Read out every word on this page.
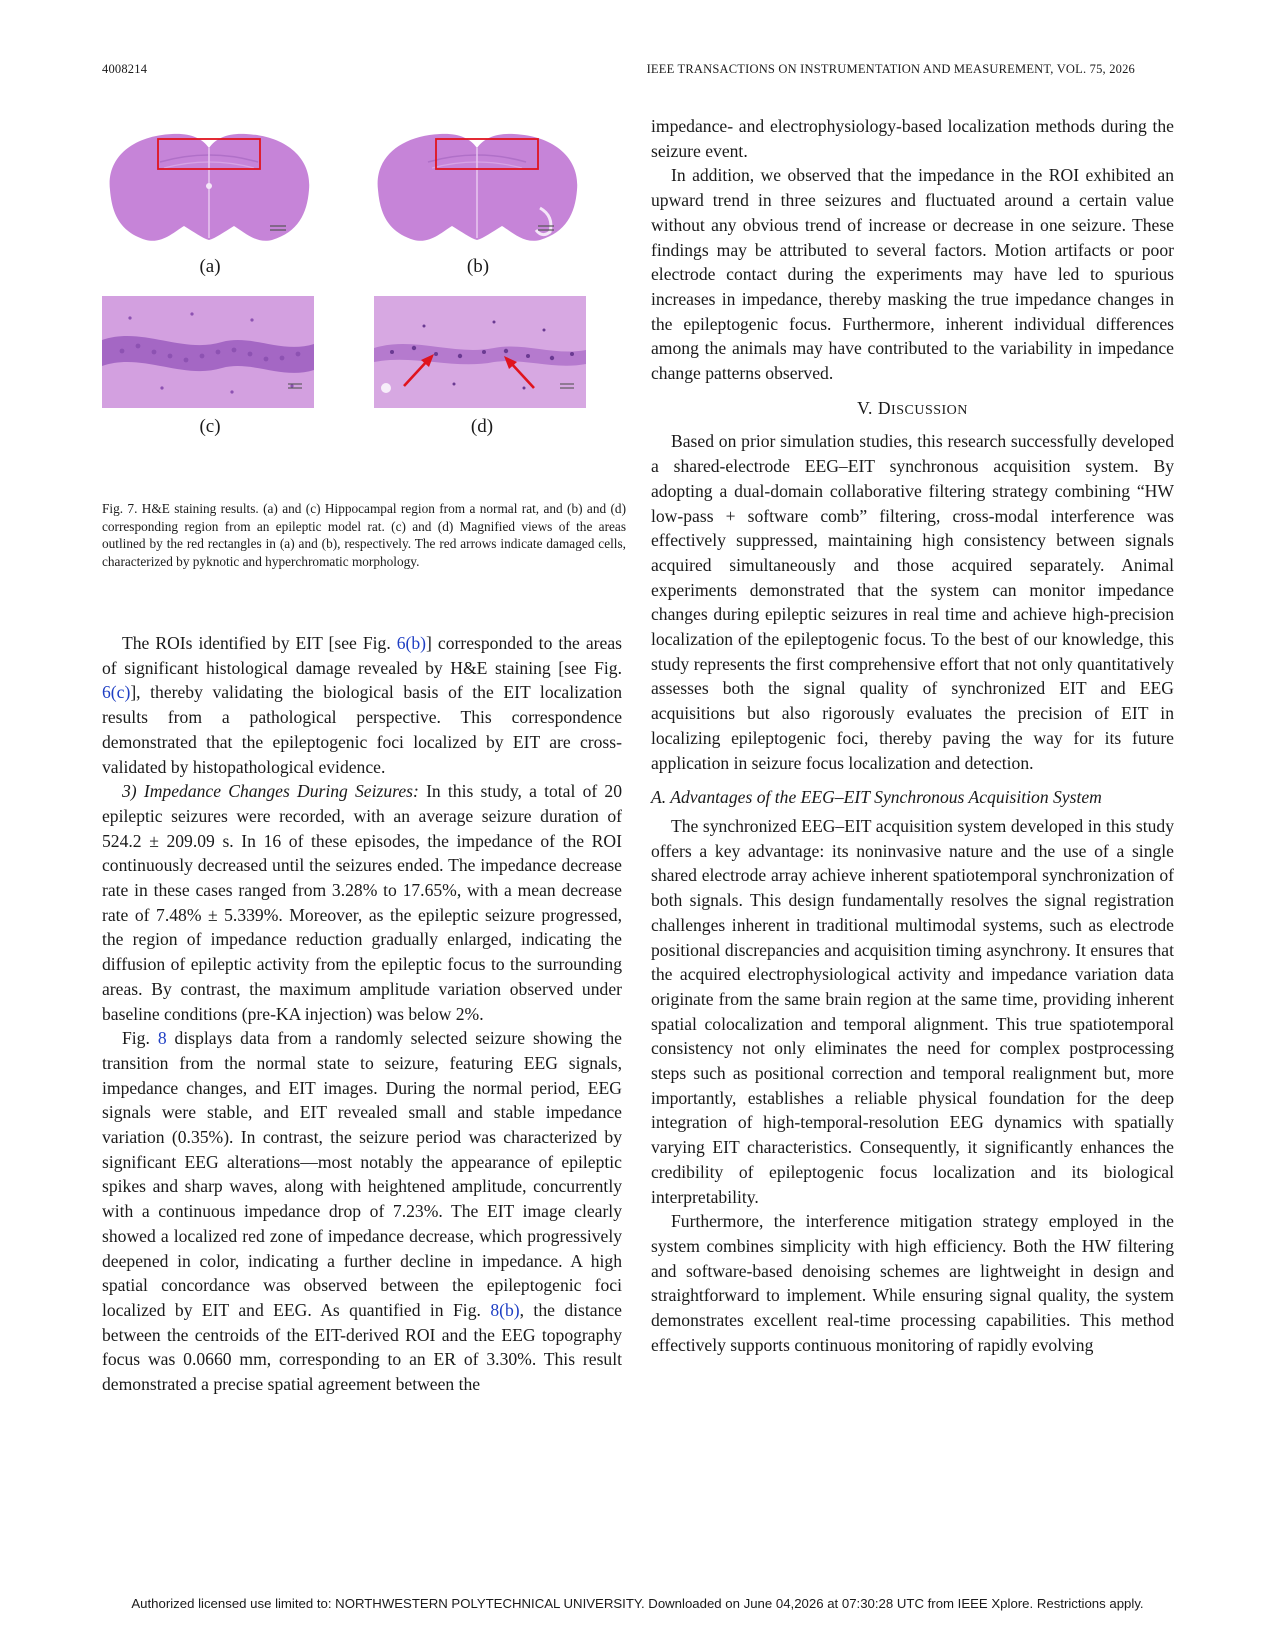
4008214	IEEE TRANSACTIONS ON INSTRUMENTATION AND MEASUREMENT, VOL. 75, 2026
(a)	(b)
(c)	(d)
Fig. 7. H&E staining results. (a) and (c) Hippocampal region from a normal rat, and (b) and (d) corresponding region from an epileptic model rat. (c) and (d) Magnified views of the areas outlined by the red rectangles in (a) and (b), respectively. The red arrows indicate damaged cells, characterized by pyknotic and hyperchromatic morphology.

The ROIs identified by EIT [see Fig. 6(b)] corresponded to the areas of significant histological damage revealed by H&E staining [see Fig. 6(c)], thereby validating the biological basis of the EIT localization results from a pathological perspective. This correspondence demonstrated that the epileptogenic foci localized by EIT are cross-validated by histopathological evidence.

3) Impedance Changes During Seizures: In this study, a total of 20 epileptic seizures were recorded, with an average seizure duration of 524.2 ± 209.09 s. In 16 of these episodes, the impedance of the ROI continuously decreased until the seizures ended. The impedance decrease rate in these cases ranged from 3.28% to 17.65%, with a mean decrease rate of 7.48% ± 5.339%. Moreover, as the epileptic seizure progressed, the region of impedance reduction gradually enlarged, indicating the diffusion of epileptic activity from the epileptic focus to the surrounding areas. By contrast, the maximum amplitude variation observed under baseline conditions (pre-KA injection) was below 2%.

Fig. 8 displays data from a randomly selected seizure showing the transition from the normal state to seizure, featuring EEG signals, impedance changes, and EIT images. During the normal period, EEG signals were stable, and EIT revealed small and stable impedance variation (0.35%). In contrast, the seizure period was characterized by significant EEG alterations—most notably the appearance of epileptic spikes and sharp waves, along with heightened amplitude, concurrently with a continuous impedance drop of 7.23%. The EIT image clearly showed a localized red zone of impedance decrease, which progressively deepened in color, indicating a further decline in impedance. A high spatial concordance was observed between the epileptogenic foci localized by EIT and EEG. As quantified in Fig. 8(b), the distance between the centroids of the EIT-derived ROI and the EEG topography focus was 0.0660 mm, corresponding to an ER of 3.30%. This result demonstrated a precise spatial agreement between the

impedance- and electrophysiology-based localization methods during the seizure event.

In addition, we observed that the impedance in the ROI exhibited an upward trend in three seizures and fluctuated around a certain value without any obvious trend of increase or decrease in one seizure. These findings may be attributed to several factors. Motion artifacts or poor electrode contact during the experiments may have led to spurious increases in impedance, thereby masking the true impedance changes in the epileptogenic focus. Furthermore, inherent individual differences among the animals may have contributed to the variability in impedance change patterns observed.

V. DISCUSSION

Based on prior simulation studies, this research successfully developed a shared-electrode EEG–EIT synchronous acquisition system. By adopting a dual-domain collaborative filtering strategy combining “HW low-pass + software comb” filtering, cross-modal interference was effectively suppressed, maintaining high consistency between signals acquired simultaneously and those acquired separately. Animal experiments demonstrated that the system can monitor impedance changes during epileptic seizures in real time and achieve high-precision localization of the epileptogenic focus. To the best of our knowledge, this study represents the first comprehensive effort that not only quantitatively assesses both the signal quality of synchronized EIT and EEG acquisitions but also rigorously evaluates the precision of EIT in localizing epileptogenic foci, thereby paving the way for its future application in seizure focus localization and detection.

A. Advantages of the EEG–EIT Synchronous Acquisition System

The synchronized EEG–EIT acquisition system developed in this study offers a key advantage: its noninvasive nature and the use of a single shared electrode array achieve inherent spatiotemporal synchronization of both signals. This design fundamentally resolves the signal registration challenges inherent in traditional multimodal systems, such as electrode positional discrepancies and acquisition timing asynchrony. It ensures that the acquired electrophysiological activity and impedance variation data originate from the same brain region at the same time, providing inherent spatial colocalization and temporal alignment. This true spatiotemporal consistency not only eliminates the need for complex postprocessing steps such as positional correction and temporal realignment but, more importantly, establishes a reliable physical foundation for the deep integration of high-temporal-resolution EEG dynamics with spatially varying EIT characteristics. Consequently, it significantly enhances the credibility of epileptogenic focus localization and its biological interpretability.

Furthermore, the interference mitigation strategy employed in the system combines simplicity with high efficiency. Both the HW filtering and software-based denoising schemes are lightweight in design and straightforward to implement. While ensuring signal quality, the system demonstrates excellent real-time processing capabilities. This method effectively supports continuous monitoring of rapidly evolving

Authorized licensed use limited to: NORTHWESTERN POLYTECHNICAL UNIVERSITY. Downloaded on June 04,2026 at 07:30:28 UTC from IEEE Xplore. Restrictions apply.
